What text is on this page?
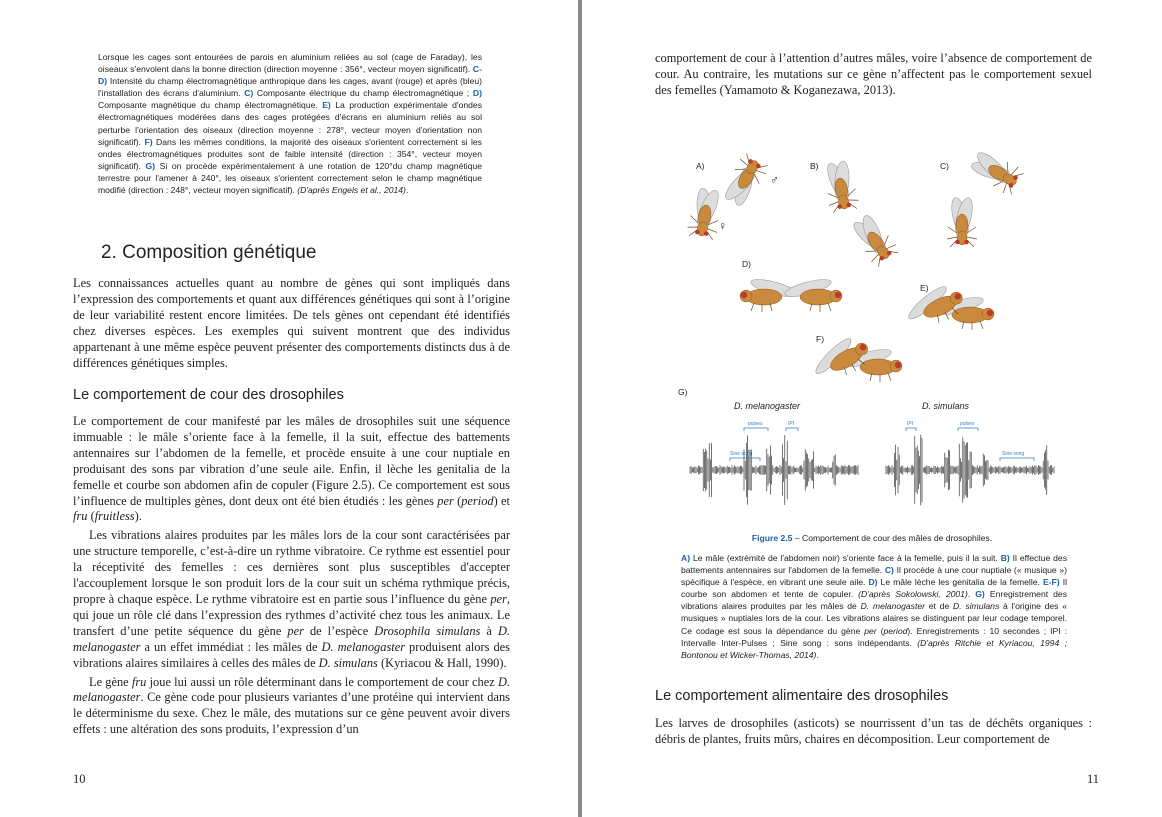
Lorsque les cages sont entourées de parois en aluminium reliées au sol (cage de Faraday), les oiseaux s'envolent dans la bonne direction (direction moyenne : 356°, vecteur moyen significatif). C-D) Intensité du champ électromagnétique anthropique dans les cages, avant (rouge) et après (bleu) l'installation des écrans d'aluminium. C) Composante électrique du champ électromagnétique ; D) Composante magnétique du champ électromagnétique. E) La production expérimentale d'ondes électromagnétiques modérées dans des cages protégées d'écrans en aluminium reliés au sol perturbe l'orientation des oiseaux (direction moyenne : 278°, vecteur moyen d'orientation non significatif). F) Dans les mêmes conditions, la majorité des oiseaux s'orientent correctement si les ondes électromagnétiques produites sont de faible intensité (direction : 354°, vecteur moyen significatif). G) Si on procède expérimentalement à une rotation de 120°du champ magnétique terrestre pour l'amener à 240°, les oiseaux s'orientent correctement selon le champ magnétique modifié (direction : 248°, vecteur moyen significatif). (D'après Engels et al., 2014).
2. Composition génétique

Les connaissances actuelles quant au nombre de gènes qui sont impliqués dans l’expression des comportements et quant aux différences génétiques qui sont à l’origine de leur variabilité restent encore limitées. De tels gènes ont cependant été identifiés chez diverses espèces. Les exemples qui suivent montrent que des individus appartenant à une même espèce peuvent présenter des comportements distincts dus à de différences génétiques simples.

Le comportement de cour des drosophiles

Le comportement de cour manifesté par les mâles de drosophiles suit une séquence immuable : le mâle s’oriente face à la femelle, il la suit, effectue des battements antennaires sur l’abdomen de la femelle, et procède ensuite à une cour nuptiale en produisant des sons par vibration d’une seule aile. Enfin, il lèche les genitalia de la femelle et courbe son abdomen afin de copuler (Figure 2.5). Ce comportement est sous l’influence de multiples gènes, dont deux ont été bien étudiés : les gènes per (period) et fru (fruitless).

Les vibrations alaires produites par les mâles lors de la cour sont caractérisées par une structure temporelle, c’est-à-dire un rythme vibratoire. Ce rythme est essentiel pour la réceptivité des femelles : ces dernières sont plus susceptibles d'accepter l'accouplement lorsque le son produit lors de la cour suit un schéma rythmique précis, propre à chaque espèce. Le rythme vibratoire est en partie sous l’influence du gène per, qui joue un rôle clé dans l’expression des rythmes d’activité chez tous les animaux. Le transfert d’une petite séquence du gène per de l’espèce Drosophila simulans à D. melanogaster a un effet immédiat : les mâles de D. melanogaster produisent alors des vibrations alaires similaires à celles des mâles de D. simulans (Kyriacou & Hall, 1990).

Le gène fru joue lui aussi un rôle déterminant dans le comportement de cour chez D. melanogaster. Ce gène code pour plusieurs variantes d’une protéine qui intervient dans le déterminisme du sexe. Chez le mâle, des mutations sur ce gène peuvent avoir divers effets : une altération des sons produits, l’expression d’un

10

comportement de cour à l’attention d’autres mâles, voire l’absence de comportement de cour. Au contraire, les mutations sur ce gène n’affectent pas le comportement sexuel des femelles (Yamamoto & Koganezawa, 2013).

A)	B)	C)
D)
E)
F)
G)
♂
♀
D. melanogaster	D. simulans
pulses	IPI
Sine song
IPI	pulses
Sine song
Figure 2.5 – Comportement de cour des mâles de drosophiles.
A) Le mâle (extrémité de l'abdomen noir) s'oriente face à la femelle, puis il la suit. B) Il effectue des battements antennaires sur l'abdomen de la femelle. C) Il procède à une cour nuptiale (« musique ») spécifique à l'espèce, en vibrant une seule aile. D) Le mâle lèche les genitalia de la femelle. E-F) Il courbe son abdomen et tente de copuler. (D'après Sokolowski, 2001). G) Enregistrement des vibrations alaires produites par les mâles de D. melanogaster et de D. simulans à l'origine des « musiques » nuptiales lors de la cour. Les vibrations alaires se distinguent par leur codage temporel. Ce codage est sous la dépendance du gène per (period). Enregistrements : 10 secondes ; IPI : Intervalle Inter-Pulses ; Sine song : sons indépendants. (D'après Ritchie et Kyriacou, 1994 ; Bontonou et Wicker-Thomas, 2014).
Le comportement alimentaire des drosophiles

Les larves de drosophiles (asticots) se nourrissent d’un tas de déchêts organiques : débris de plantes, fruits mûrs, chaires en décomposition. Leur comportement de

11
